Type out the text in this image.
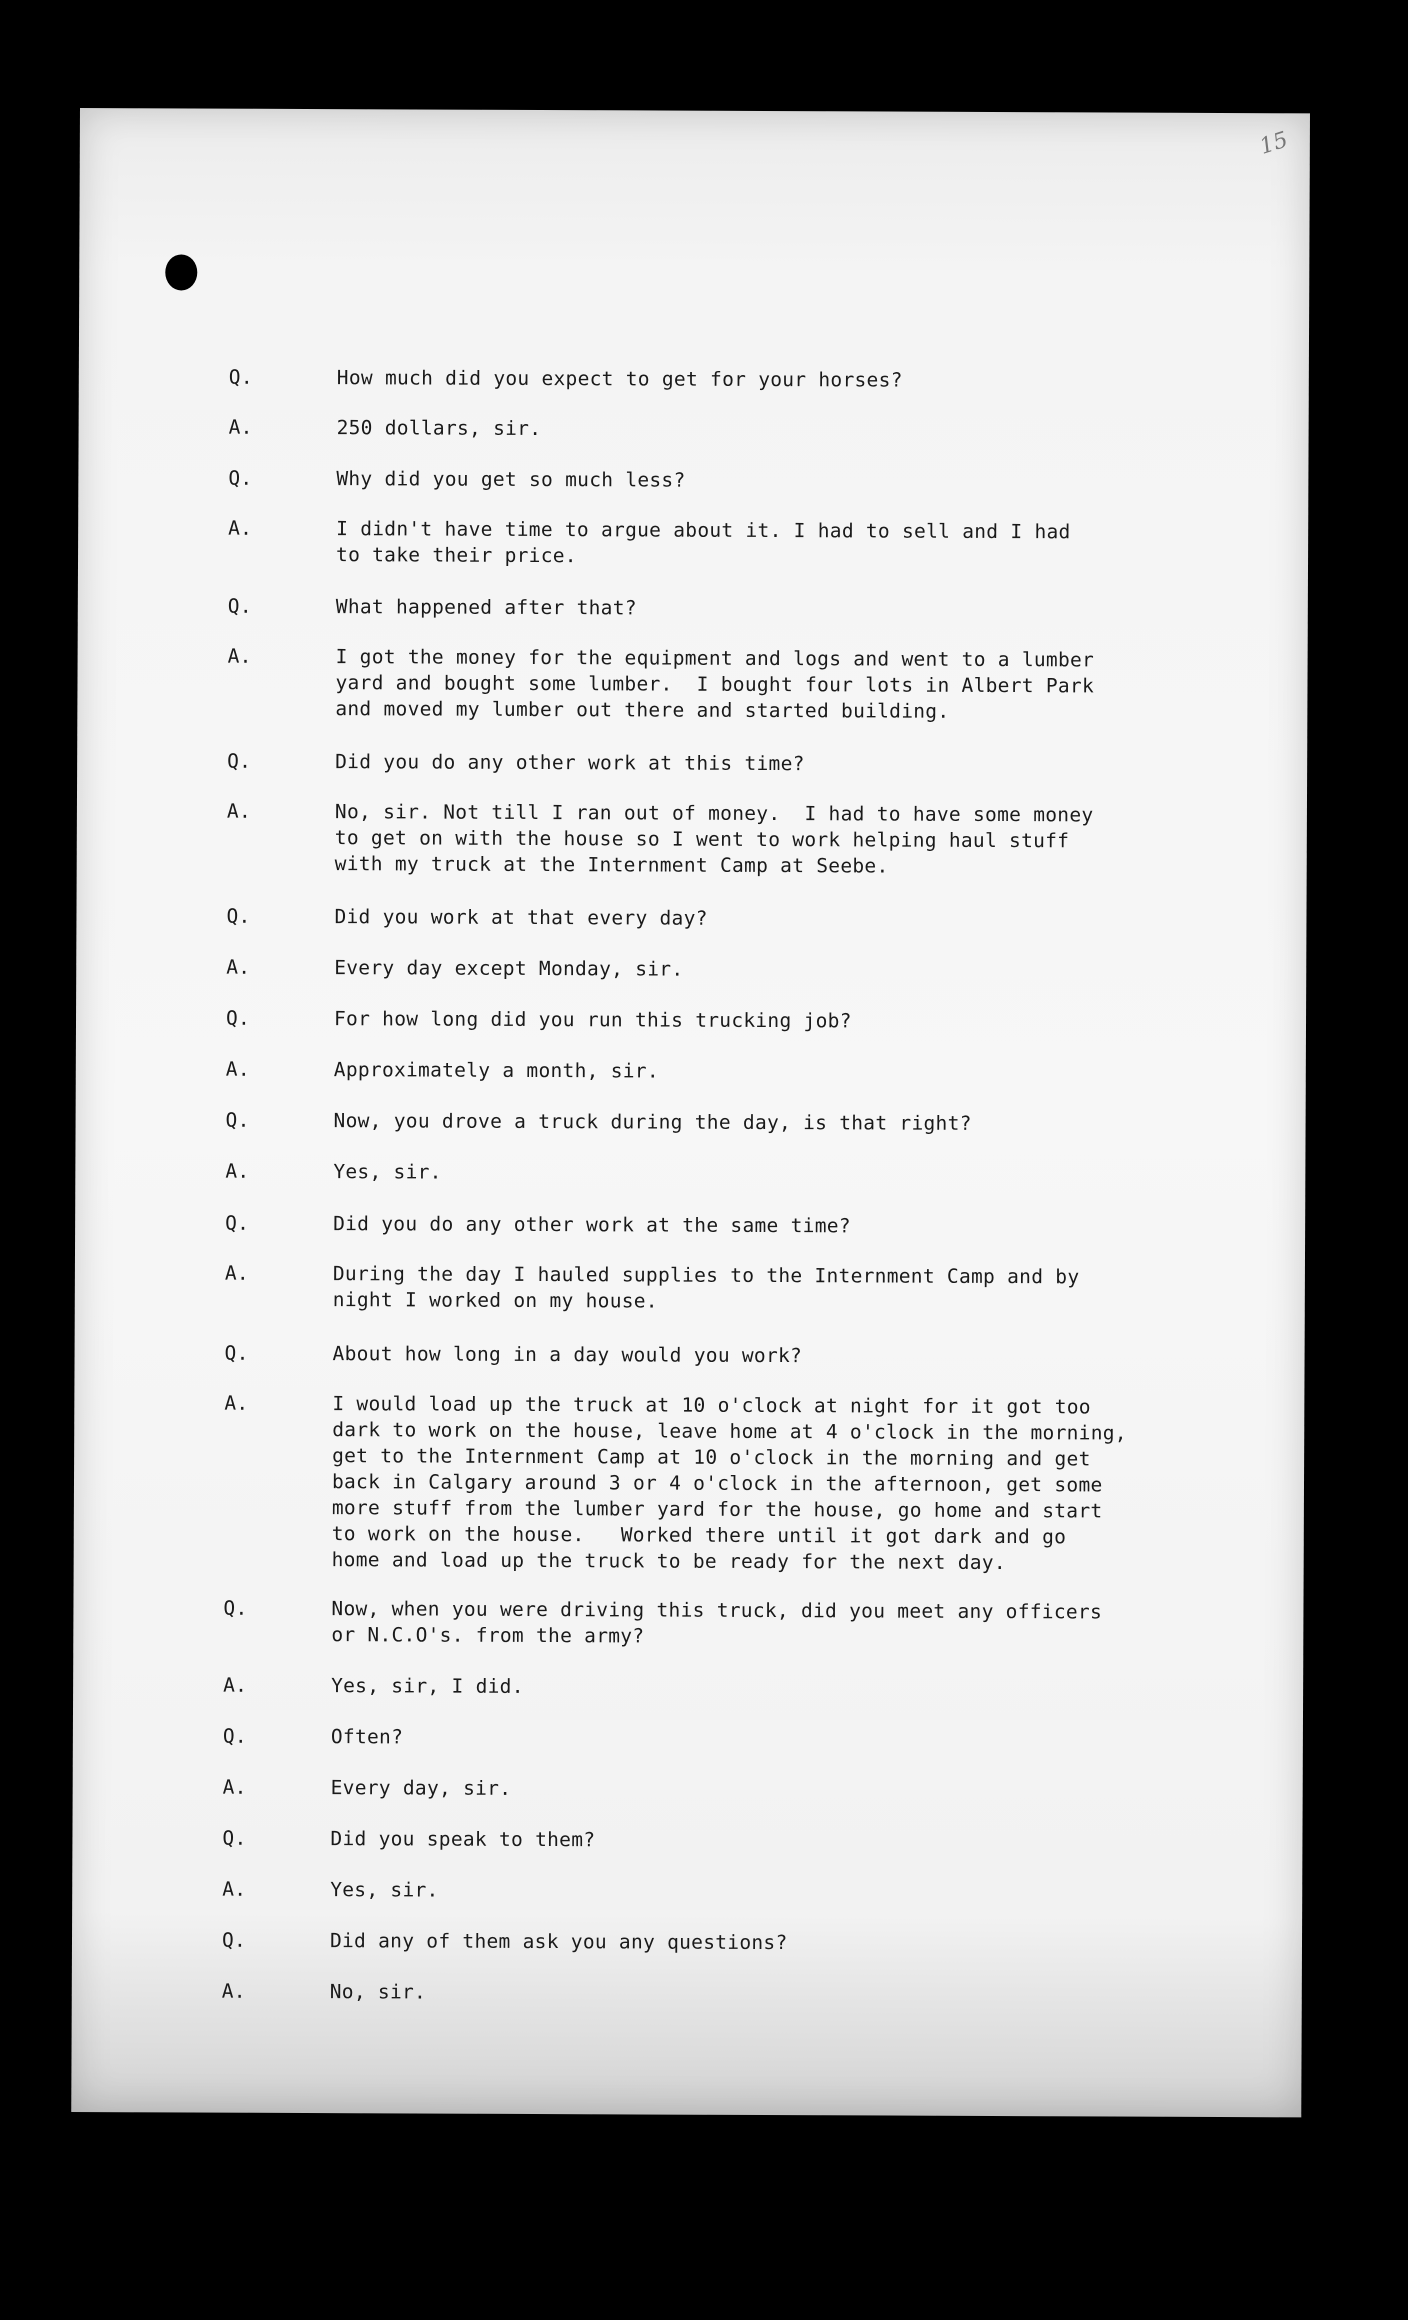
15
Q.	How much did you expect to get for your horses?
A.	250 dollars, sir.
Q.	Why did you get so much less?
A.	I didn't have time to argue about it. I had to sell and I had
to take their price.
Q.	What happened after that?
A.	I got the money for the equipment and logs and went to a lumber
yard and bought some lumber.  I bought four lots in Albert Park
and moved my lumber out there and started building.
Q.	Did you do any other work at this time?
A.	No, sir. Not till I ran out of money.  I had to have some money
to get on with the house so I went to work helping haul stuff
with my truck at the Internment Camp at Seebe.
Q.	Did you work at that every day?
A.	Every day except Monday, sir.
Q.	For how long did you run this trucking job?
A.	Approximately a month, sir.
Q.	Now, you drove a truck during the day, is that right?
A.	Yes, sir.
Q.	Did you do any other work at the same time?
A.	During the day I hauled supplies to the Internment Camp and by
night I worked on my house.
Q.	About how long in a day would you work?
A.	I would load up the truck at 10 o'clock at night for it got too
dark to work on the house, leave home at 4 o'clock in the morning,
get to the Internment Camp at 10 o'clock in the morning and get
back in Calgary around 3 or 4 o'clock in the afternoon, get some
more stuff from the lumber yard for the house, go home and start
to work on the house.   Worked there until it got dark and go
home and load up the truck to be ready for the next day.
Q.	Now, when you were driving this truck, did you meet any officers
or N.C.O's. from the army?
A.	Yes, sir, I did.
Q.	Often?
A.	Every day, sir.
Q.	Did you speak to them?
A.	Yes, sir.
Q.	Did any of them ask you any questions?
A.	No, sir.
